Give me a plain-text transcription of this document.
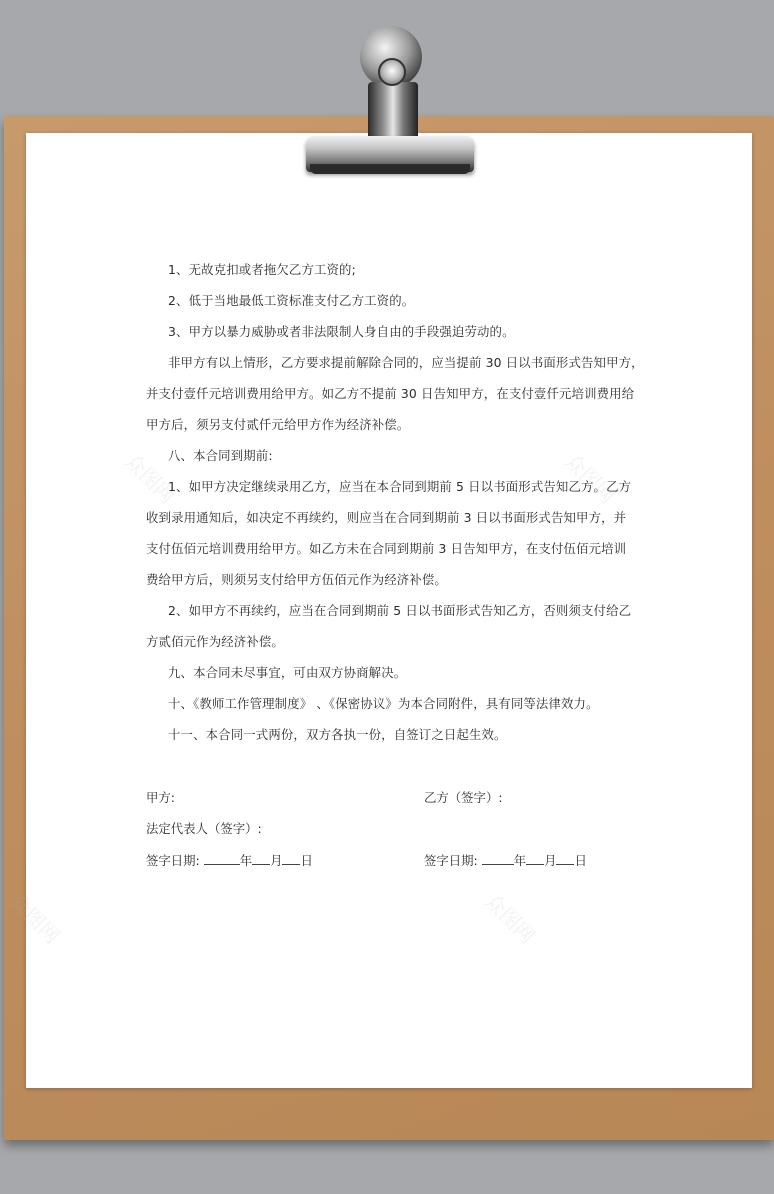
众图网	众图网
众图网	众图网
1、无故克扣或者拖欠乙方工资的;
2、低于当地最低工资标准支付乙方工资的。
3、甲方以暴力威胁或者非法限制人身自由的手段强迫劳动的。
非甲方有以上情形，乙方要求提前解除合同的，应当提前 30 日以书面形式告知甲方，
并支付壹仟元培训费用给甲方。如乙方不提前 30 日告知甲方，在支付壹仟元培训费用给
甲方后，须另支付贰仟元给甲方作为经济补偿。
八、本合同到期前:
1、如甲方决定继续录用乙方，应当在本合同到期前 5 日以书面形式告知乙方。乙方
收到录用通知后，如决定不再续约，则应当在合同到期前 3 日以书面形式告知甲方，并
支付伍佰元培训费用给甲方。如乙方未在合同到期前 3 日告知甲方，在支付伍佰元培训
费给甲方后，则须另支付给甲方伍佰元作为经济补偿。
2、如甲方不再续约，应当在合同到期前 5 日以书面形式告知乙方，否则须支付给乙
方贰佰元作为经济补偿。
九、本合同未尽事宜，可由双方协商解决。
十、《教师工作管理制度》 、《保密协议》为本合同附件，具有同等法律效力。
十一、本合同一式两份，双方各执一份，自签订之日起生效。
甲方:	乙方（签字）:
法定代表人（签字）:
签字日期:	年 月 日	签字日期:	年 月 日
